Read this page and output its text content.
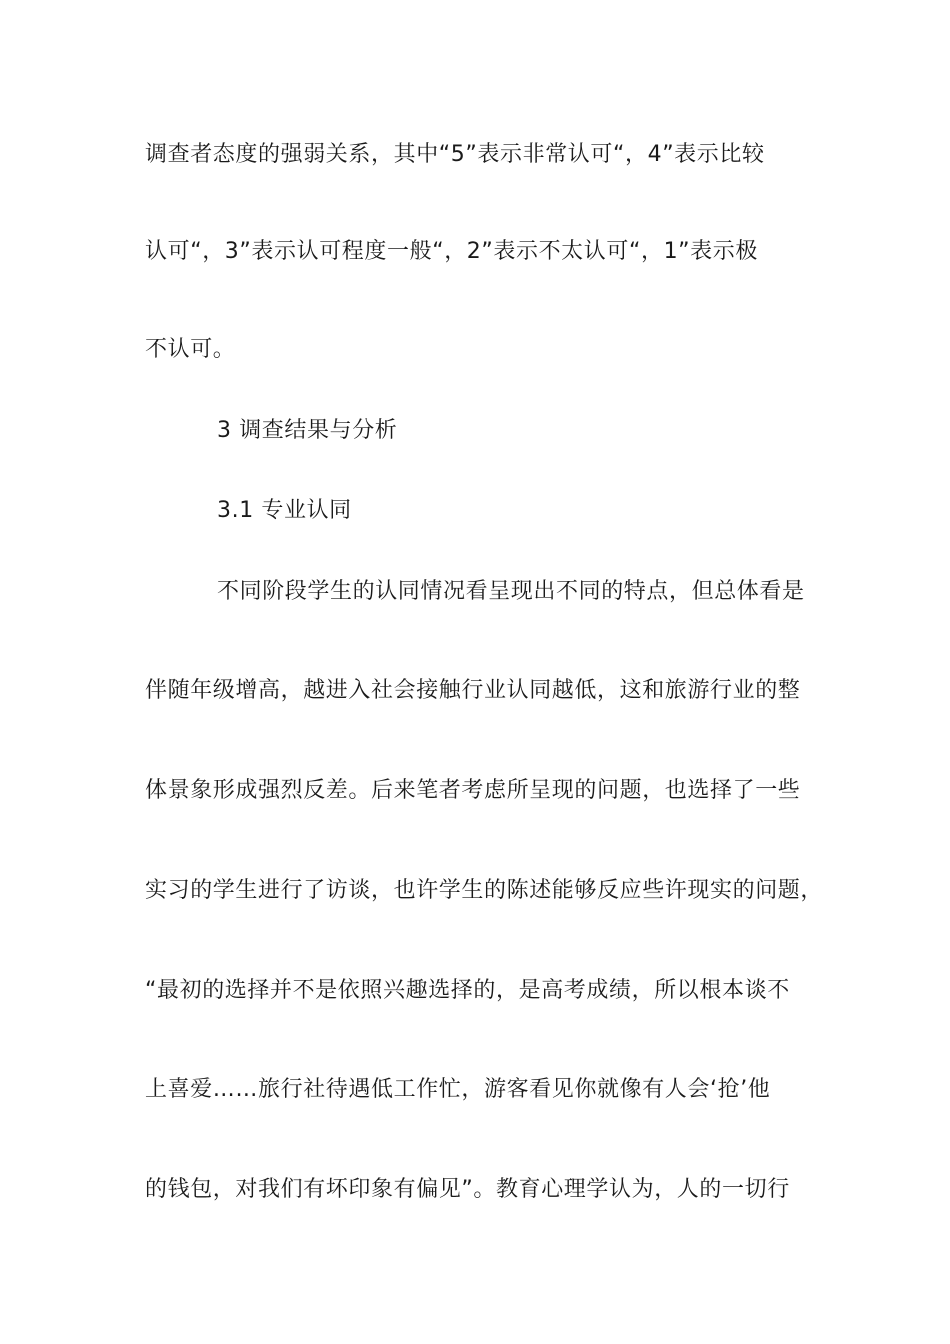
调查者态度的强弱关系，其中“5”表示非常认可“，4”表示比较
认可“，3”表示认可程度一般“，2”表示不太认可“，1”表示极
不认可。
3 调查结果与分析
3.1 专业认同
不同阶段学生的认同情况看呈现出不同的特点，但总体看是
伴随年级增高，越进入社会接触行业认同越低，这和旅游行业的整
体景象形成强烈反差。后来笔者考虑所呈现的问题，也选择了一些
实习的学生进行了访谈，也许学生的陈述能够反应些许现实的问题，
“最初的选择并不是依照兴趣选择的，是高考成绩，所以根本谈不
上喜爱……旅行社待遇低工作忙，游客看见你就像有人会‘抢’他
的钱包，对我们有坏印象有偏见”。教育心理学认为，人的一切行
